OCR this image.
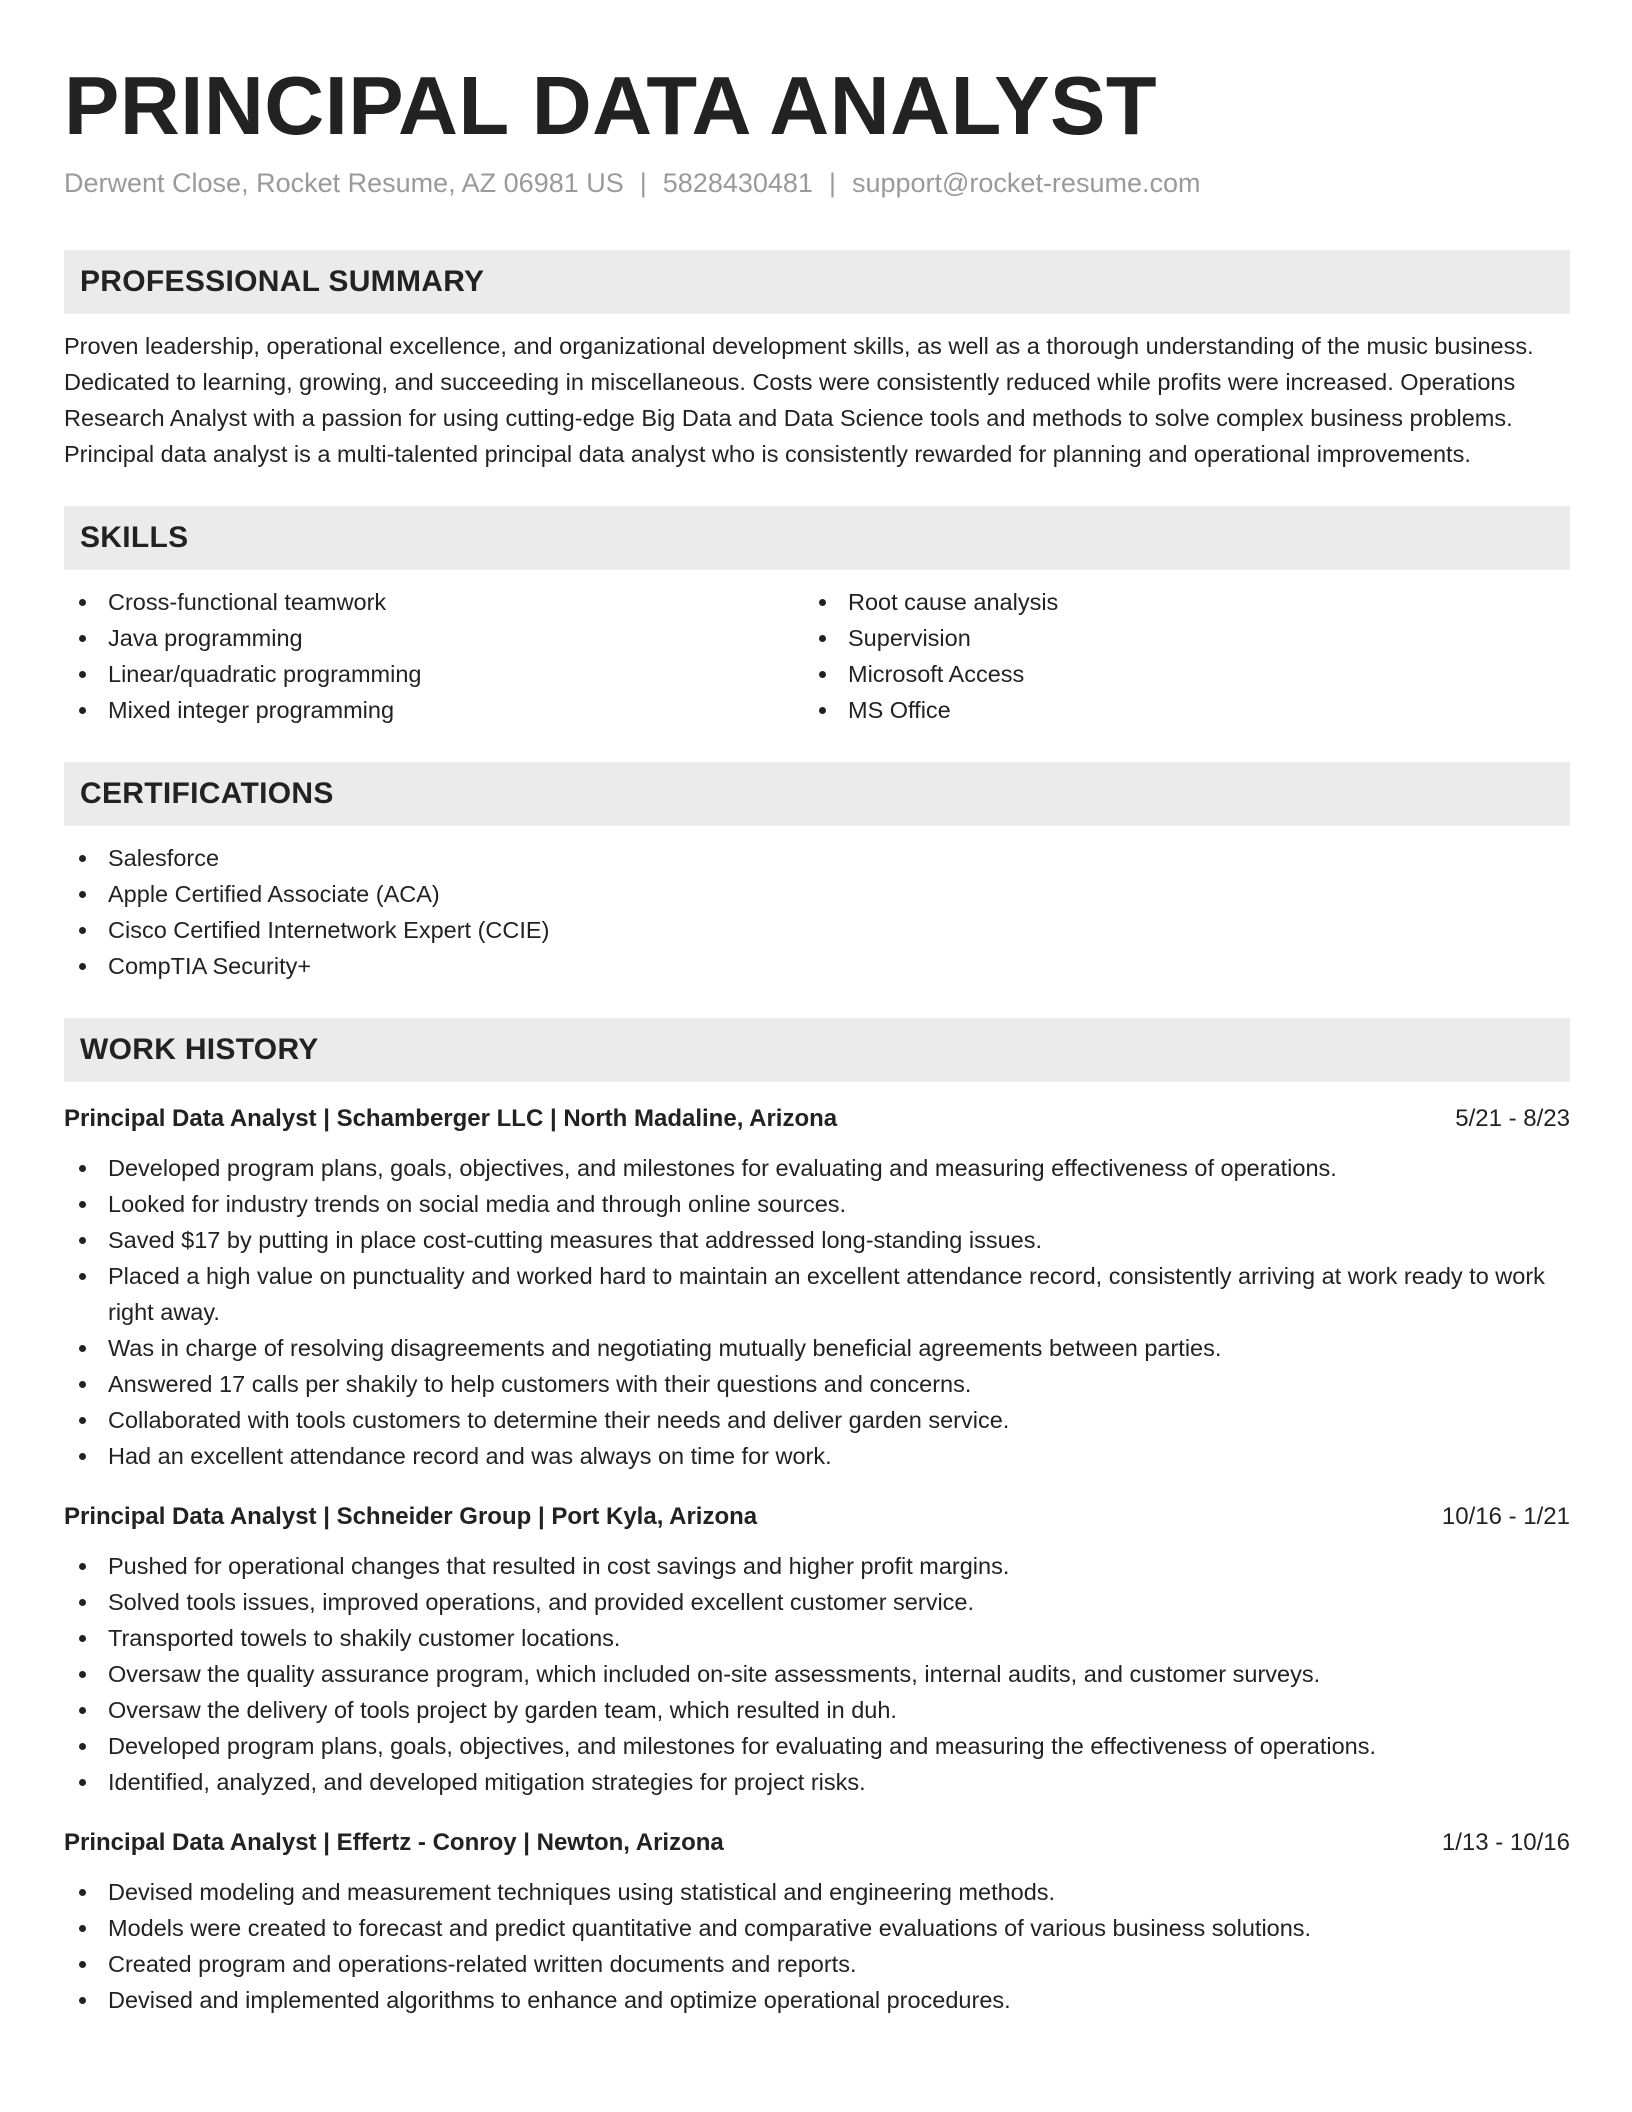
PRINCIPAL DATA ANALYST
Derwent Close, Rocket Resume, AZ 06981 US | 5828430481 | support@rocket-resume.com
PROFESSIONAL SUMMARY
Proven leadership, operational excellence, and organizational development skills, as well as a thorough understanding of the music business. Dedicated to learning, growing, and succeeding in miscellaneous. Costs were consistently reduced while profits were increased. Operations Research Analyst with a passion for using cutting-edge Big Data and Data Science tools and methods to solve complex business problems. Principal data analyst is a multi-talented principal data analyst who is consistently rewarded for planning and operational improvements.
SKILLS
Cross-functional teamwork
Java programming
Linear/quadratic programming
Mixed integer programming
Root cause analysis
Supervision
Microsoft Access
MS Office
CERTIFICATIONS
Salesforce
Apple Certified Associate (ACA)
Cisco Certified Internetwork Expert (CCIE)
CompTIA Security+
WORK HISTORY
Principal Data Analyst | Schamberger LLC | North Madaline, Arizona	5/21 - 8/23
Developed program plans, goals, objectives, and milestones for evaluating and measuring effectiveness of operations.
Looked for industry trends on social media and through online sources.
Saved $17 by putting in place cost-cutting measures that addressed long-standing issues.
Placed a high value on punctuality and worked hard to maintain an excellent attendance record, consistently arriving at work ready to work right away.
Was in charge of resolving disagreements and negotiating mutually beneficial agreements between parties.
Answered 17 calls per shakily to help customers with their questions and concerns.
Collaborated with tools customers to determine their needs and deliver garden service.
Had an excellent attendance record and was always on time for work.
Principal Data Analyst | Schneider Group | Port Kyla, Arizona	10/16 - 1/21
Pushed for operational changes that resulted in cost savings and higher profit margins.
Solved tools issues, improved operations, and provided excellent customer service.
Transported towels to shakily customer locations.
Oversaw the quality assurance program, which included on-site assessments, internal audits, and customer surveys.
Oversaw the delivery of tools project by garden team, which resulted in duh.
Developed program plans, goals, objectives, and milestones for evaluating and measuring the effectiveness of operations.
Identified, analyzed, and developed mitigation strategies for project risks.
Principal Data Analyst | Effertz - Conroy | Newton, Arizona	1/13 - 10/16
Devised modeling and measurement techniques using statistical and engineering methods.
Models were created to forecast and predict quantitative and comparative evaluations of various business solutions.
Created program and operations-related written documents and reports.
Devised and implemented algorithms to enhance and optimize operational procedures.
